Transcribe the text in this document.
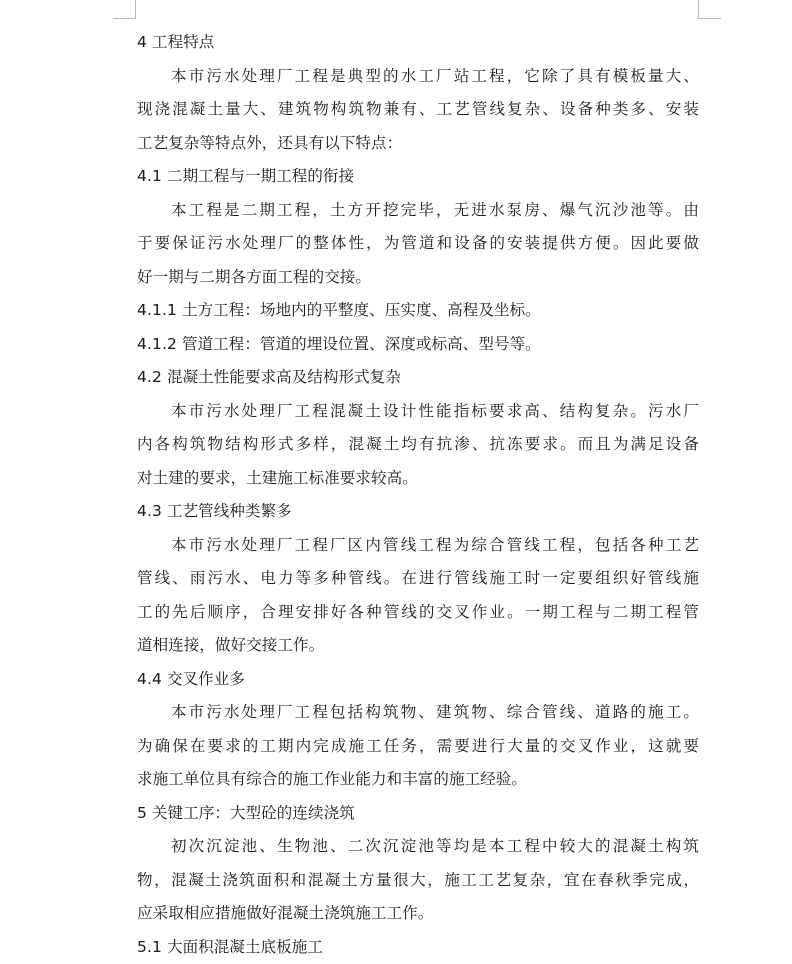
4 工程特点
本市污水处理厂工程是典型的水工厂站工程，它除了具有模板量大、
现浇混凝土量大、建筑物构筑物兼有、工艺管线复杂、设备种类多、安装
工艺复杂等特点外，还具有以下特点：
4.1 二期工程与一期工程的衔接
本工程是二期工程，土方开挖完毕，无进水泵房、爆气沉沙池等。由
于要保证污水处理厂的整体性，为管道和设备的安装提供方便。因此要做
好一期与二期各方面工程的交接。
4.1.1 土方工程：场地内的平整度、压实度、高程及坐标。
4.1.2 管道工程：管道的埋设位置、深度或标高、型号等。
4.2 混凝土性能要求高及结构形式复杂
本市污水处理厂工程混凝土设计性能指标要求高、结构复杂。污水厂
内各构筑物结构形式多样，混凝土均有抗渗、抗冻要求。而且为满足设备
对土建的要求，土建施工标准要求较高。
4.3 工艺管线种类繁多
本市污水处理厂工程厂区内管线工程为综合管线工程，包括各种工艺
管线、雨污水、电力等多种管线。在进行管线施工时一定要组织好管线施
工的先后顺序，合理安排好各种管线的交叉作业。一期工程与二期工程管
道相连接，做好交接工作。
4.4 交叉作业多
本市污水处理厂工程包括构筑物、建筑物、综合管线、道路的施工。
为确保在要求的工期内完成施工任务，需要进行大量的交叉作业，这就要
求施工单位具有综合的施工作业能力和丰富的施工经验。
5 关键工序：大型砼的连续浇筑
初次沉淀池、生物池、二次沉淀池等均是本工程中较大的混凝土构筑
物，混凝土浇筑面积和混凝土方量很大，施工工艺复杂，宜在春秋季完成，
应采取相应措施做好混凝土浇筑施工工作。
5.1 大面积混凝土底板施工
